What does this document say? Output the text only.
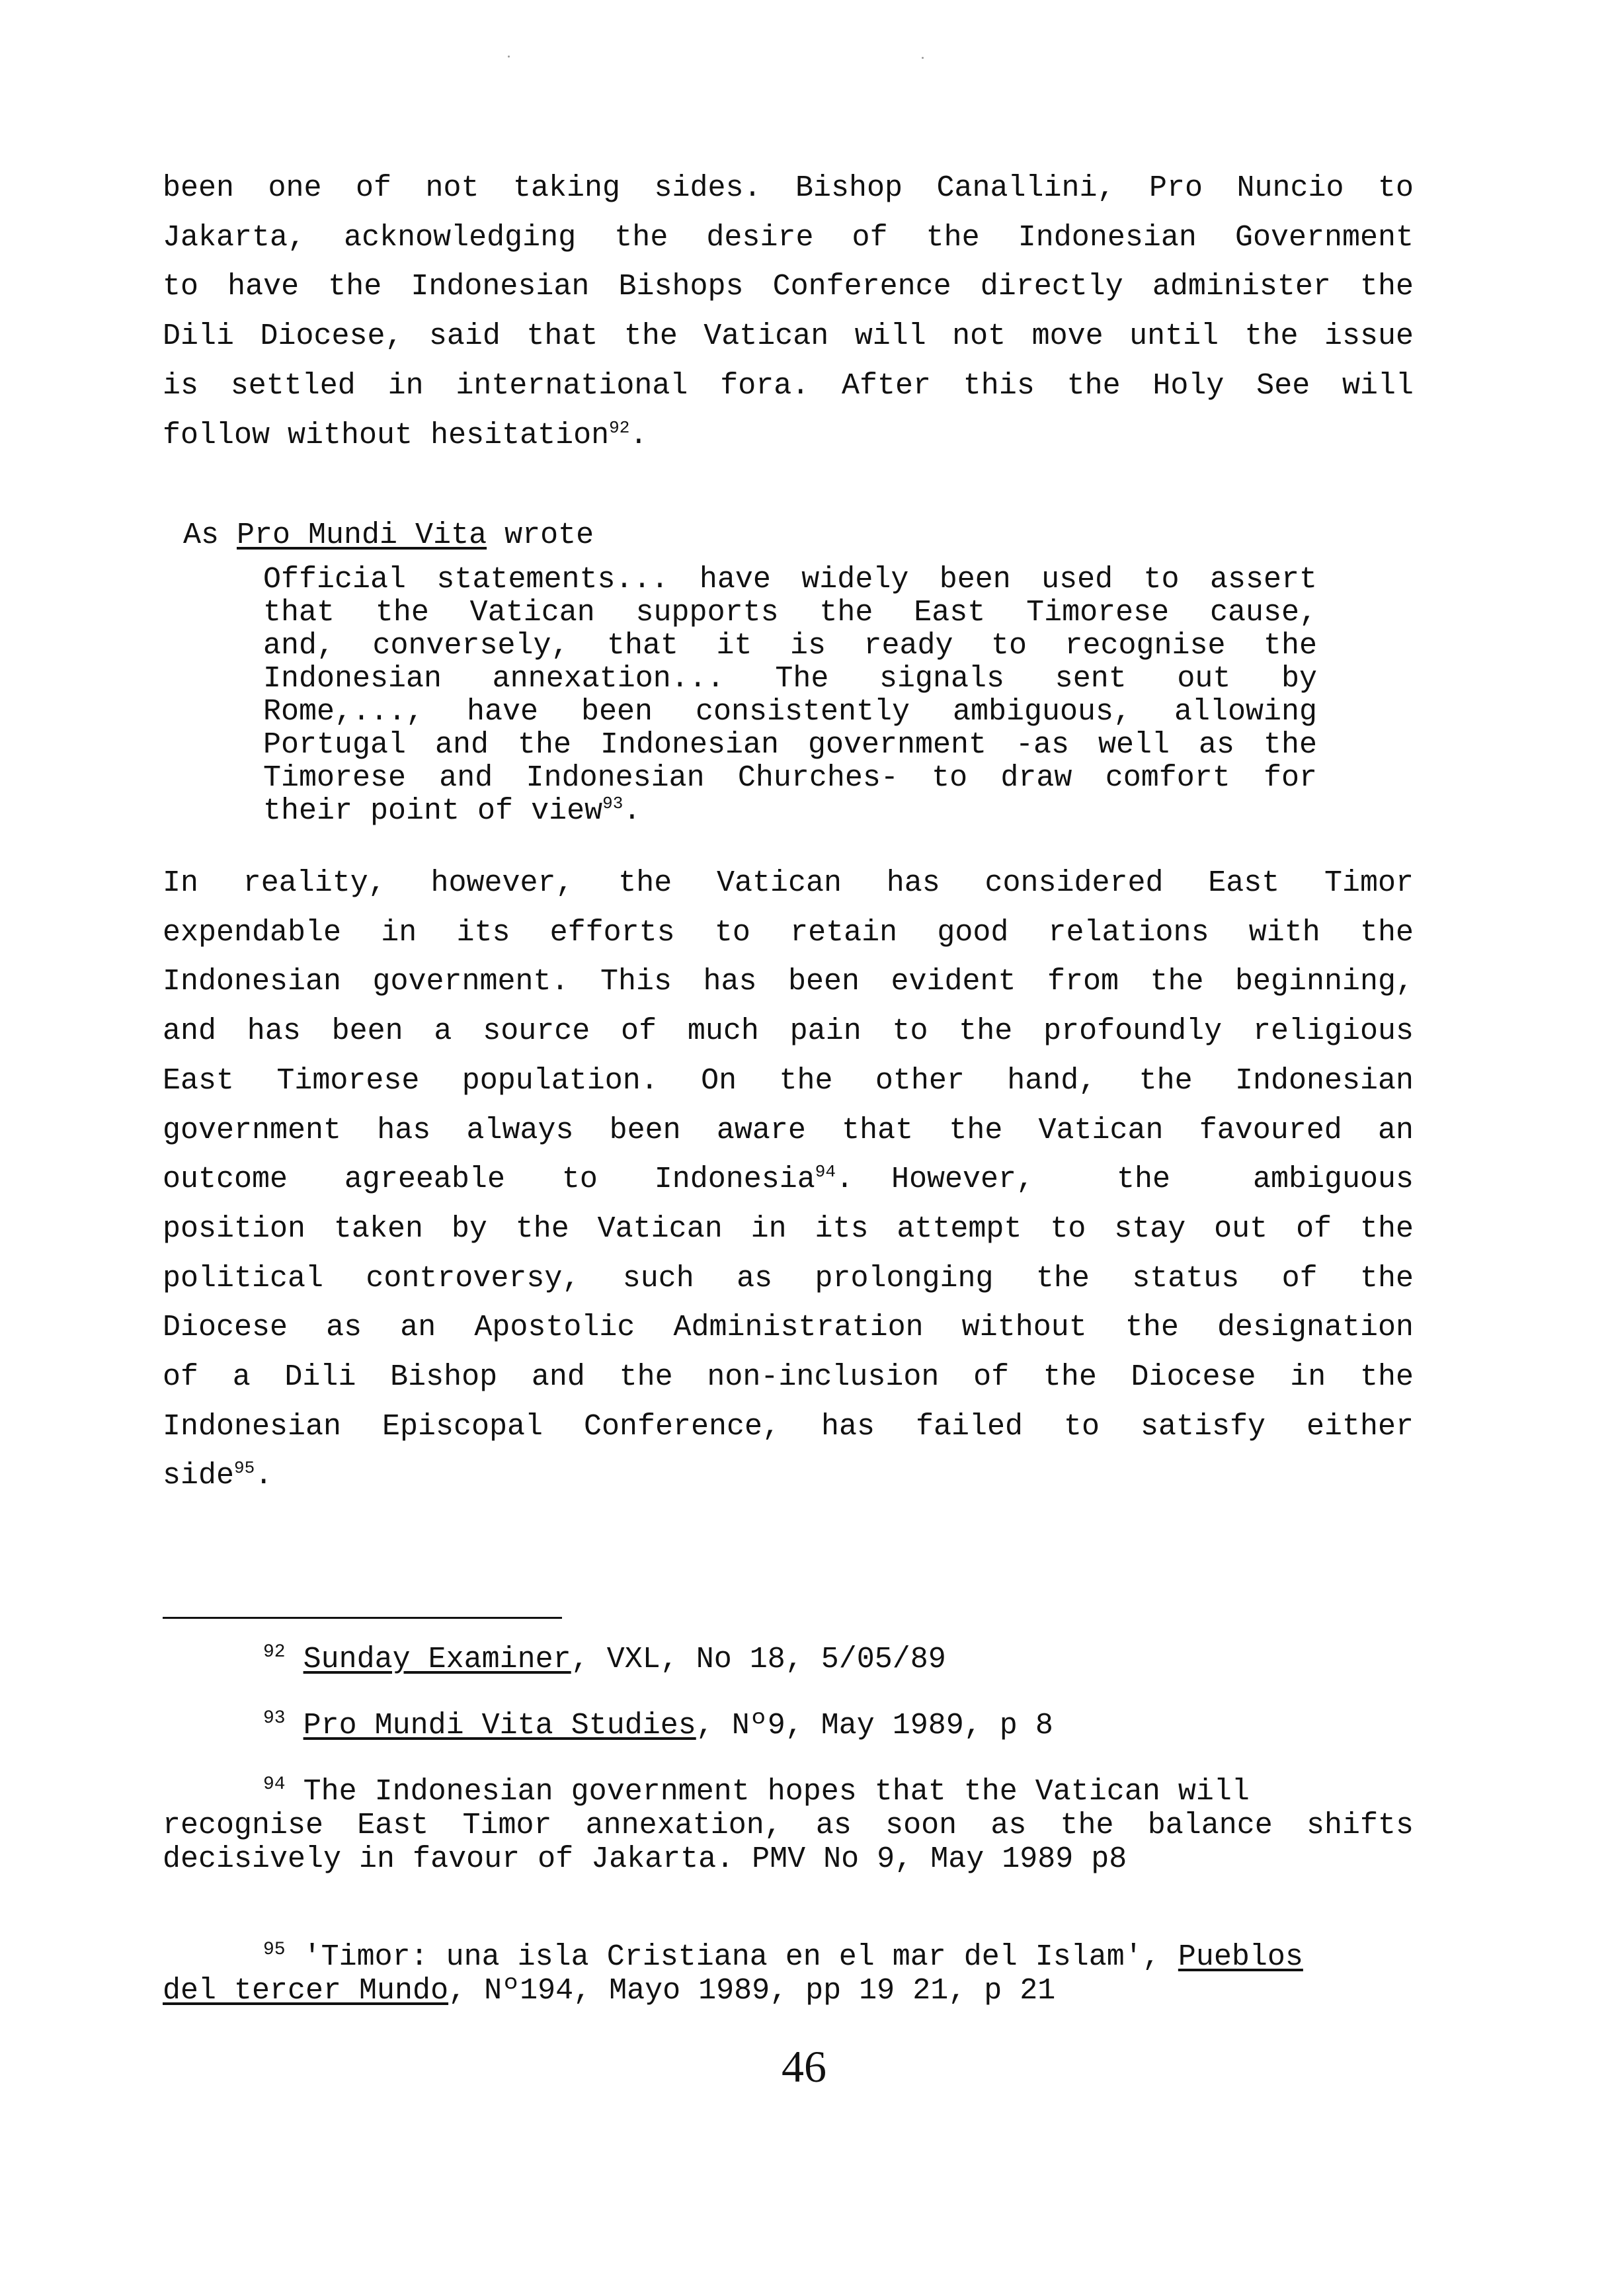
been one of not taking sides. Bishop Canallini, Pro Nuncio to
Jakarta, acknowledging the desire of the Indonesian Government
to have the Indonesian Bishops Conference directly administer the
Dili Diocese, said that the Vatican will not move until the issue
is settled in international fora. After this the Holy See will
follow without hesitation$^{92}$.
As Pro Mundi Vita wrote
Official statements... have widely been used to assert
that the Vatican supports the East Timorese cause,
and, conversely, that it is ready to recognise the
Indonesian annexation... The signals sent out by
Rome,..., have been consistently ambiguous, allowing
Portugal and the Indonesian government -as well as the
Timorese and Indonesian Churches- to draw comfort for
their point of view$^{93}$.
In reality, however, the Vatican has considered East Timor
expendable in its efforts to retain good relations with the
Indonesian government. This has been evident from the beginning,
and has been a source of much pain to the profoundly religious
East Timorese population. On the other hand, the Indonesian
government has always been aware that the Vatican favoured an
outcome agreeable to Indonesia$^{94}$. However,	the	ambiguous
position taken by the Vatican in its attempt to stay out of the
political controversy, such as prolonging the status of the
Diocese as an Apostolic Administration without the designation
of a Dili Bishop and the non-inclusion of the Diocese in the
Indonesian Episcopal Conference, has failed to satisfy either
side$^{95}$.
$^{92}$ Sunday Examiner, VXL, No 18, 5/05/89
$^{93}$ Pro Mundi Vita Studies, Nº9, May 1989, p 8
$^{94}$ The Indonesian government hopes that the Vatican will
recognise East Timor annexation, as soon as the balance shifts
decisively in favour of Jakarta. PMV No 9, May 1989 p8
$^{95}$ 'Timor: una isla Cristiana en el mar del Islam', Pueblos
del tercer Mundo, Nº194, Mayo 1989, pp 19 21, p 21
46
